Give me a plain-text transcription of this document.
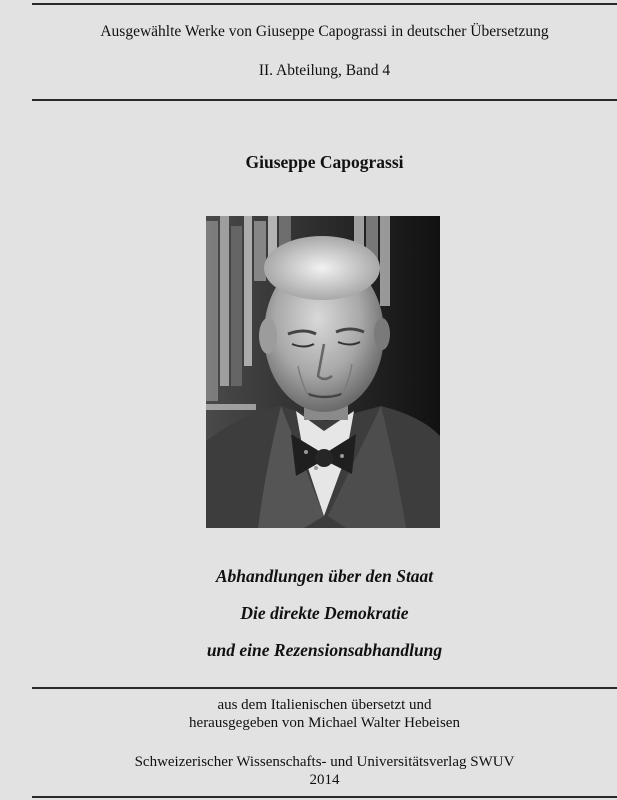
Ausgewählte Werke von Giuseppe Capograssi in deutscher Übersetzung
II. Abteilung, Band 4
Giuseppe Capograssi
Abhandlungen über den Staat
Die direkte Demokratie
und eine Rezensionsabhandlung
aus dem Italienischen übersetzt und
herausgegeben von Michael Walter Hebeisen
Schweizerischer Wissenschafts- und Universitätsverlag SWUV
2014
